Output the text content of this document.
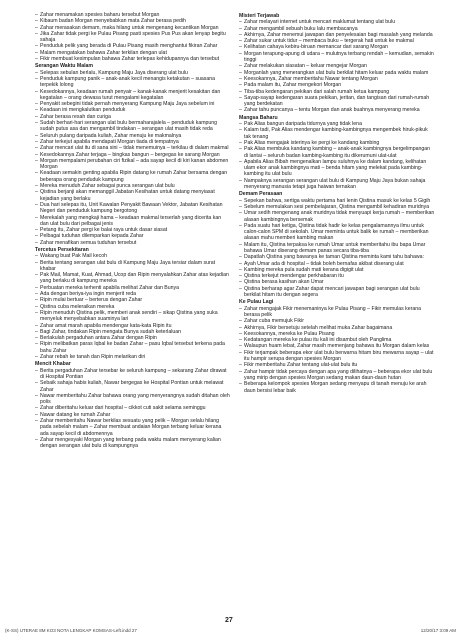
– Zahar menamakan spesies baharu tersebut Morgan

– Kibaum badan Morgan menyebabkan mata Zahar berasa pedih

– Zahar merasakan demam, maka hilang untuk mengenang kecantikan Morgan

– Jika Zahar tidak pergi ke Pulau Pisang pasti spesies Pus Pus akan lenyap begitu sahaja

– Penduduk pelik yang berada di Pulau Pisang masih menghantui fikiran Zahar

– Malam mengatakan bahawa Zahar terkilan dengan ulat

– Fikir membuat kesimpulan bahawa Zahar terlepas kehidupannya dan tersebut

Serangan Waktu Malam

– Selepas sebulan berlalu, Kampung Maju Jaya diserang ulat bulu

– Penduduk kampung panik – anak-anak kecil menangis ketakutan – suasana terpekik lolong

– Kesedokannya, keadaan rumah penyair – kanak-kanak menjerit kesakitan dan kegatalan – orang dewasa turut mengalami kegatalan

– Penyakit sebegini tidak pernah menyerang Kampung Maju Jaya sebelum ini

– Keadaan ini mengkalutkan penduduk

– Zahar berasa resah dan curiga

– Sudah berhari-hari serangan ulat bulu bermaharajalela – penduduk kampung sudah putus asa dan mengambil tindakan – serangan ulat masih tidak reda

– Seluruh pulang daripada kuliah, Zahar menuju ke makmalnya

– Zahar terkejut apabila mendapati Morgan tiada di tempatnya

– Zahar mencari ulat itu di sana sini – tidak menemuinya – terkilau di dalam makmal

– Kesedokannya Zahar terjaga – bingkas bangun – bergegas ke sarang Morgan

– Morgan mempalami perubahan ciri fizikal – ada sayap kecil di kiri kanan abdomen Morgan

– Keadaan semakin genting apabila Ripin datang ke rumah Zahar bersama dengan beberapa orang penduduk kampung

– Mereka menuduh Zahar sebagai punca serangan ulat bulu

– Qistina berjanji akan memanggil Jabatan Kesihatan untuk datang menyiasat kejadian yang berlaku

– Dua hari selepas itu, Unit Kawalan Penyakit Bawaan Vektor, Jabatan Kesihatan Negeri dan penduduk kampung bergotong

– Merekalah yang mengkaji hama – keadaan makmal terserlah yang dicerita kan dan ulat bulu dari pelbagai jenis

– Petang itu, Zahar pergi ke balai raya untuk dasar siasat

– Pelbagai tuduhan dilemparkan kepada Zahar

– Zahar menafikan semua tuduhan tersebut

Tercetus Persekitaran

– Wakang buat Pak Mail kecoh

– Berita tentang serangan ulat bulu di Kampung Maju Jaya tersiar dalam surat khabar

– Pak Mail, Mamat, Kuat, Ahmad, Ucop dan Ripin menyalahkan Zahar atas kejadian yang berlaku di kampung mereka

– Perbuatan mereka terhenti apabila melihat Zahar dan Bunya

– Ada dengan beriya-iya ingin menjerit reda

– Ripin mulai bertuar – berterus dengan Zahar

– Qistina cuba meleraikan mereka

– Ripin menuduh Qistina pelik, memberi anak sendiri – sikap Qistina yang suka menyeluk menyebabkan suaminya lari

– Zahar amat marah apabila mendengar kata-kata Ripin itu

– Bagi Zahar, tindakan Ripin mengata Bunya sudah keterlaluan

– Berlakulah pergaduhan antara Zahar dengan Ripin

– Ripin melibatkan paras Iqbal ke badan Zahar – pasu Iqbal tersebut terkena pada bahu Zahar

– Zahar rebah ke tanah dan Ripin melarikan diri

Mencit Khabar

– Berita pergaduhan Zahar tersebar ke seluruh kampung – sekarang Zahar dirawat di Hospital Pontian

– Sebaik sahaja habis kuliah, Nawar bergegas ke Hospital Pontian untuk melawat Zahar

– Nawar memberitahu Zahar bahawa orang yang menyerangnya sudah ditahan oleh polis

– Zahar diberitahu keluar dari hospital – cikkot cuti sakit selama seminggu

– Nawar datang ke rumah Zahar

– Zahar memberitahu Nawar berkilas sesuatu yang pelik – Morgan selalu hilang pada sebelah malam – Zahar membuat andaian Morgan terbang keluar kerana ada sayap kecil di abdomennya

– Zahar mengesyaki Morgan yang terbang pada waktu malam menyerang kalian dengan serangan ulat bulu di kampungnya

Misteri Terjawab

– Zahar melayari internet untuk mencari maklumat tentang ulat bulu

– Zahar mengambil sebuah buku lalu membacanya

– Akhirnya, Zahar menemui jawapan dan penyelesaian bagi masalah yang melanda

– Zahar sukar untuk tidur – membaca buku – tergerak hati untuk ke makmal

– Kelihatan cahaya kebiru-biruan memancar dari sarang Morgan

– Morgan terapung-apung di udara – mulutnya terbang rendah – kemudian, semakin tinggi

– Zahar melakukan siasatan – keluar mengejar Morgan

– Morganlah yang menerangkan ulat bulu berkilat hitam keluar pada waktu malam

– Keesokannya, Zahar memberitahu Nawar tentang Morgan

– Pada malam itu, Zahar mengekori Morgan

– Tiba-tiba kedengaran pekikan dari salah rumah ketua kampung

– Sayap-sayap kedengaran suara pekikan, jeritan, dan tangisan dari rumah-rumah yang berdekatan

– Zahar tahu puncanya – tentu Morgan dan anak buahnya menyerang mereka

Mangsa Baharu

– Pak Alias bangun daripada tidurnya yang tidak lena

– Kalam tadi, Pak Alias mendengar kambing-kambingnya mengembek hiruk-pikuk tak tenang

– Pak Alias mengajak isterinya ke pergi ke kandang kambing

– Pak Alias membuka kandang kambing – anak-anak kambingnya bergelimpangan di lantai – seluruh badan kambing-kambing itu dikerumuni ulat-ulat

– Apabila Alias Bibah mengenalkan lampu suluhnya ke dalam kandang, kelihatan ulam ekor anak kambingnya mati – benda hitam yang melekat pada kambing-kambing itu ulat bulu

– Nampaknya serangan serangan ulat bulu di Kampung Maju Jaya bukan sahaja menyerang manusia tetapi juga haiwan ternakan

Demam Perasaan

– Sepekan bahwa, sertiga waktu pertama hari lenin Qistina masuk ke kelas 5 Gigih

– Sebelum memulakan sesi pembelajaran, Qistina mengambil kehadiran muridnya

– Umar sedih mengenang anak muridnya tidak menyuapi kerja rumah – memberikan alasan kambingnya bersemak

– Pada suatu hari ketiga, Qistina tidak hadir ke kelas pengalamannya ilmu untuk calon-calon SPM di sekolah. Umar meminta untuk balik ke rumah – memberikan alasan mahu memberi kambing makan

– Malam itu, Qistina terpaksa ke rumah Umar untuk memberitahu ibu bapa Umar bahawa Umar diserang demam panas secara tiba-tiba

– Dapatlah Qistina yang bawanya ke taman Qistina meminta kami tahu bahawa:

– Ayah Umar ada di hospital – tidak boleh bernafas akibat diserang ulat

– Kambing mereka pula sudah mati kerana digigit ulat

– Qistina terkejut mendengar perkhabaran itu

– Qistina berasa kasihan akan Umar

– Qistina berharap agar Zahar dapat mencari jawapan bagi serangan ulat bulu berkilat hitam itu dengan segera

Ke Pulau Lagi

– Zahar mengajak Fikir menemaninya ke Pulau Pisang – Fikir memulas kerana berasa pelik

– Zahar cuba memujuk Fikir

– Akhirnya, Fikir bersetuju setelah melihat muka Zahar bagaimana

– Keesokannya, mereka ke Pulau Pisang

– Kedatangan mereka ke pulau itu kali ini disambut oleh Panglima

– Walaupun huam lebat, Zahar masih memenjang bahawa itu Morgan dalam kelas

– Fikir terjampak beberapa ekor ulat bulu berwarna hitam biru mewarna sayap – ulat itu hampir serupa dengan spesies Morgan

– Fikir memberitahu Zahar tentang ulat-ulat bulu itu

– Zahar hampir tidak percaya dengan apa yang dilihatnya – beberapa ekor ulat bulu yang mirip dengan spesies Morgan sedang makan daun-daun hutan

– Beberapa kelompok spesies Morgan sedang menyapu di tanah menuju ke arah daun bersisi lebar baik

27
(K-SS) UTERAE 8M KO3 NOTA LENGKAP KOMSAS-Left.indd 27	12/20/17 3:09 AM
